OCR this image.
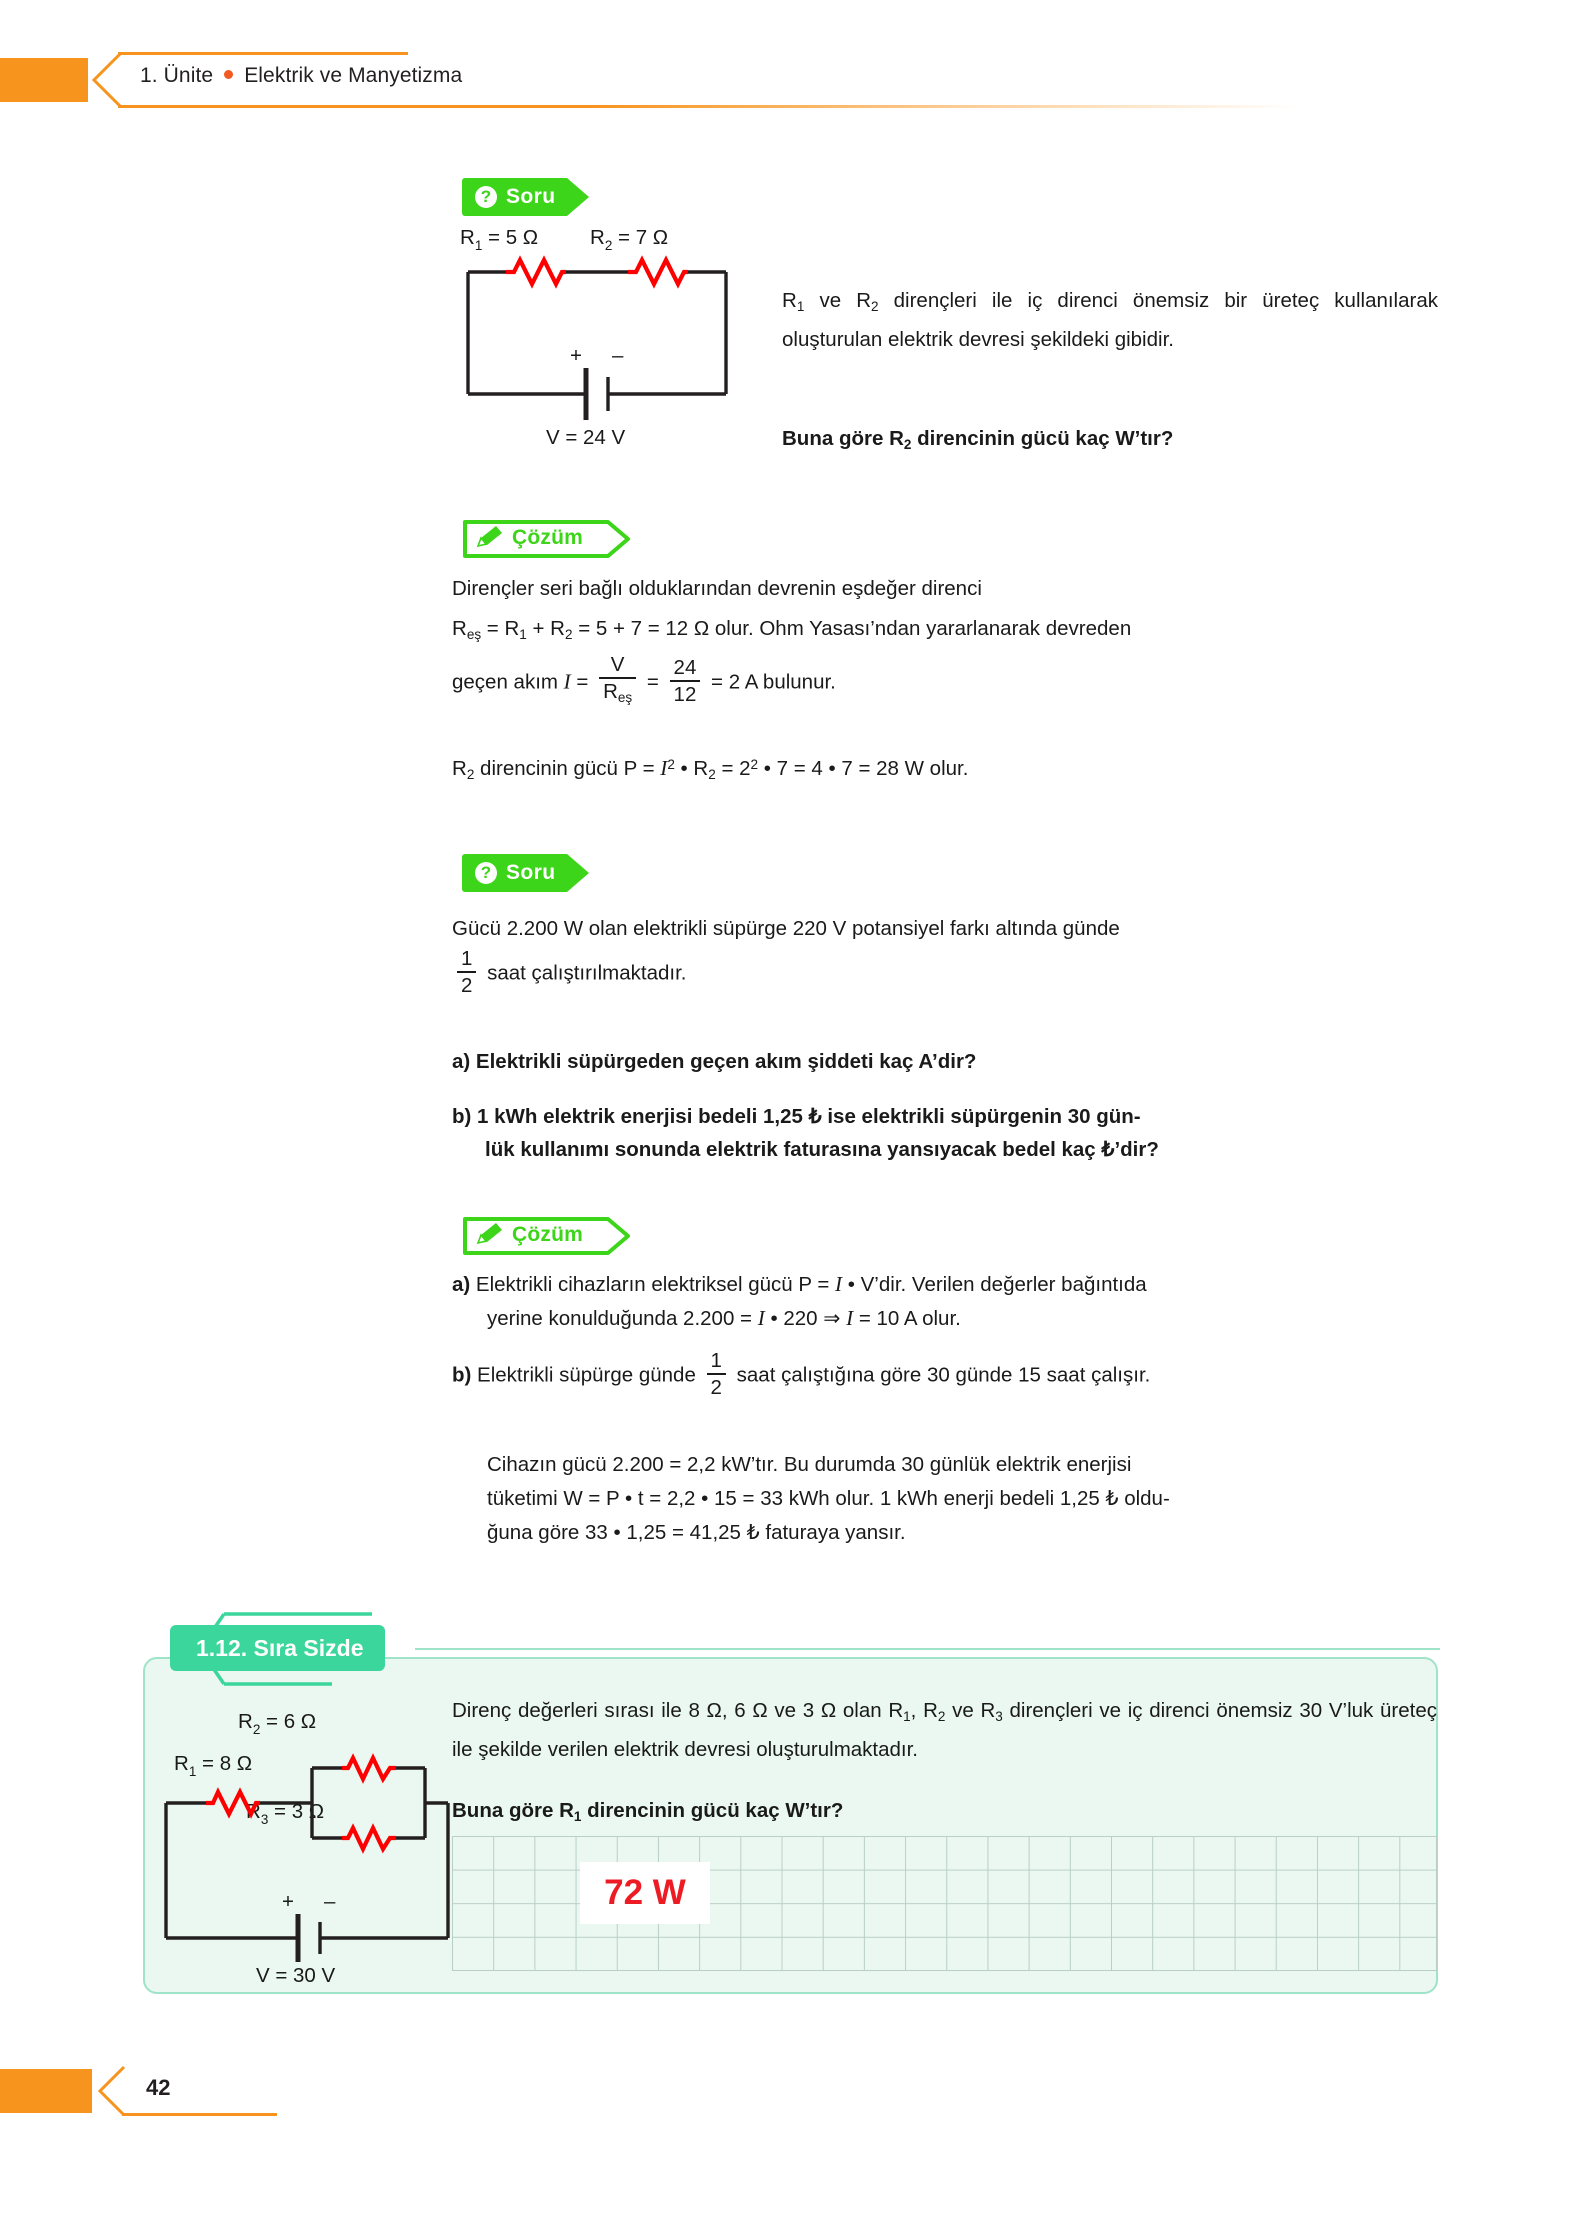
1. Ünite Elektrik ve Manyetizma
? Soru
$R_1 = 5$ Ω	$R_2 = 7$ Ω
+ –
V = 24 V
$R_1$ ve $R_2$ dirençleri ile iç direnci önemsiz bir üreteç kullanılarak oluşturulan elektrik devresi şekildeki gibidir.
Buna göre $R_2$ direncinin gücü kaç W’tır?
Çözüm
Dirençler seri bağlı olduklarından devrenin eşdeğer direnci
$R_{eş} = R_1 + R_2 = 5 + 7 = 12$ Ω olur. Ohm Yasası’ndan yararlanarak devreden
geçen akım $I = \frac{V}{R_{eş}} = \frac{24}{12} = 2$ A bulunur.
$R_2$ direncinin gücü $P = I^2$ • $R_2 = 2^2$ • 7 = 4 • 7 = 28 W olur.
? Soru
Gücü 2.200 W olan elektrikli süpürge 220 V potansiyel farkı altında günde
$\frac{1}{2}$ saat çalıştırılmaktadır.
a) Elektrikli süpürgeden geçen akım şiddeti kaç A’dir?
b) 1 kWh elektrik enerjisi bedeli 1,25 ₺ ise elektrikli süpürgenin 30 gün-
lük kullanımı sonunda elektrik faturasına yansıyacak bedel kaç ₺’dir?
Çözüm
a) Elektrikli cihazların elektriksel gücü P = I • V’dir. Verilen değerler bağıntıda
yerine konulduğunda 2.200 = I • 220 ⇒ I = 10 A olur.
b) Elektrikli süpürge günde $\frac{1}{2}$ saat çalıştığına göre 30 günde 15 saat çalışır.
Cihazın gücü 2.200 = 2,2 kW’tır. Bu durumda 30 günlük elektrik enerjisi
tüketimi W = P • t = 2,2 • 15 = 33 kWh olur. 1 kWh enerji bedeli 1,25 ₺ oldu-
ğuna göre 33 • 1,25 = 41,25 ₺ faturaya yansır.
1.12. Sıra Sizde
$R_2 = 6$ Ω
$R_1 = 8$ Ω
$R_3 = 3$ Ω
+ –
V = 30 V
Direnç değerleri sırası ile 8 Ω, 6 Ω ve 3 Ω olan $R_1$, $R_2$ ve $R_3$ dirençleri ve iç direnci önemsiz 30 V’luk üreteç ile şekilde verilen elektrik devresi oluşturulmaktadır.
Buna göre $R_1$ direncinin gücü kaç W’tır?
72 W
42
